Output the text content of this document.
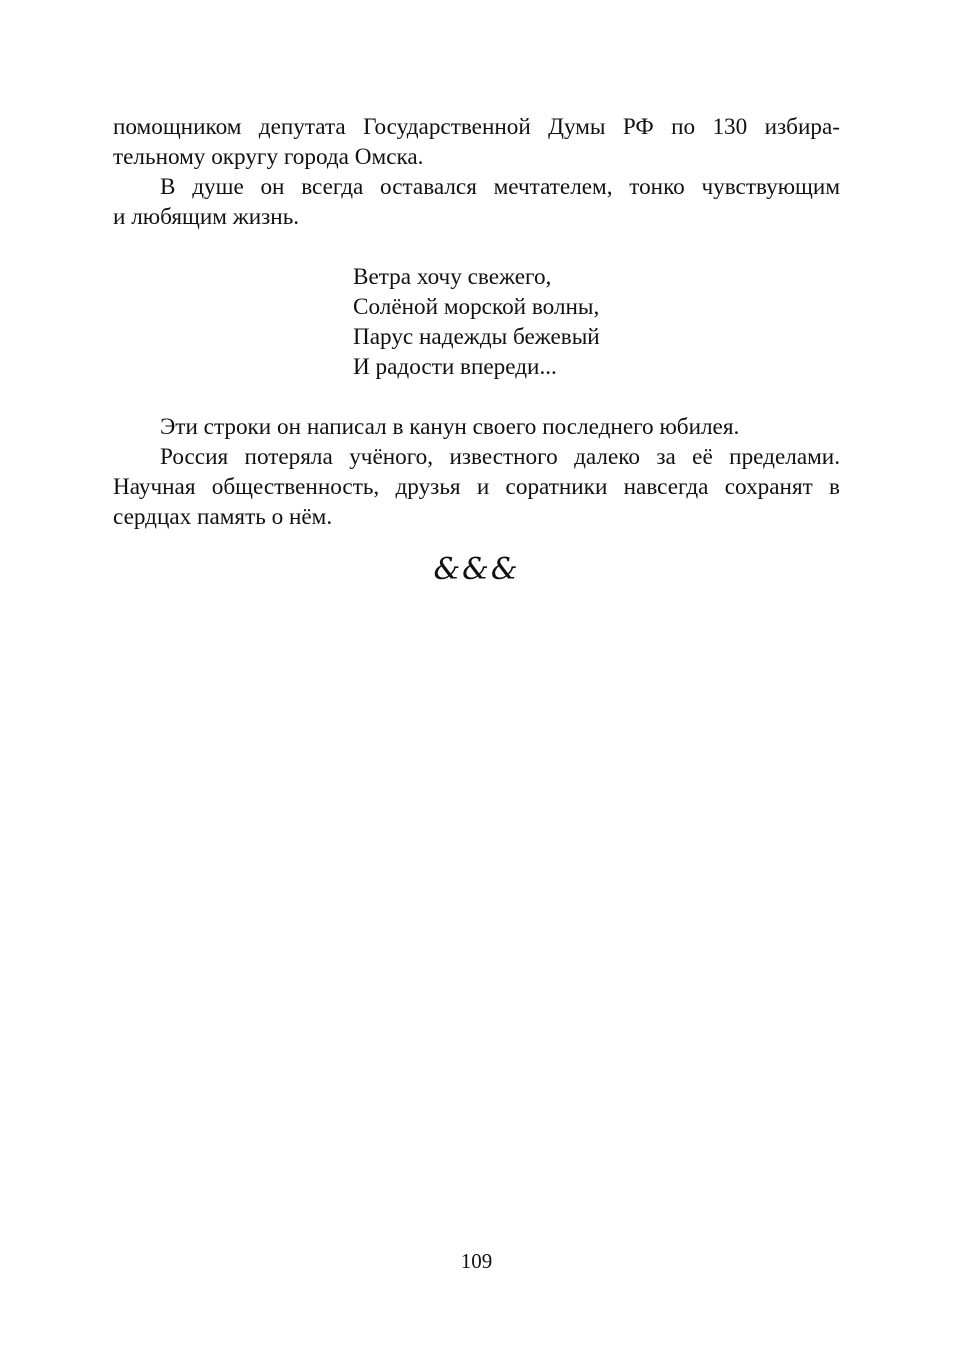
помощником депутата Государственной Думы РФ по 130 избира-
тельному округу города Омска.

В душе он всегда оставался мечтателем, тонко чувствующим
и любящим жизнь.

Ветра хочу свежего,
Солёной морской волны,
Парус надежды бежевый
И радости впереди...

Эти строки он написал в канун своего последнего юбилея.

Россия потеряла учёного, известного далеко за её пределами.
Научная общественность, друзья и соратники навсегда сохранят в
сердцах память о нём.

&&&
109
